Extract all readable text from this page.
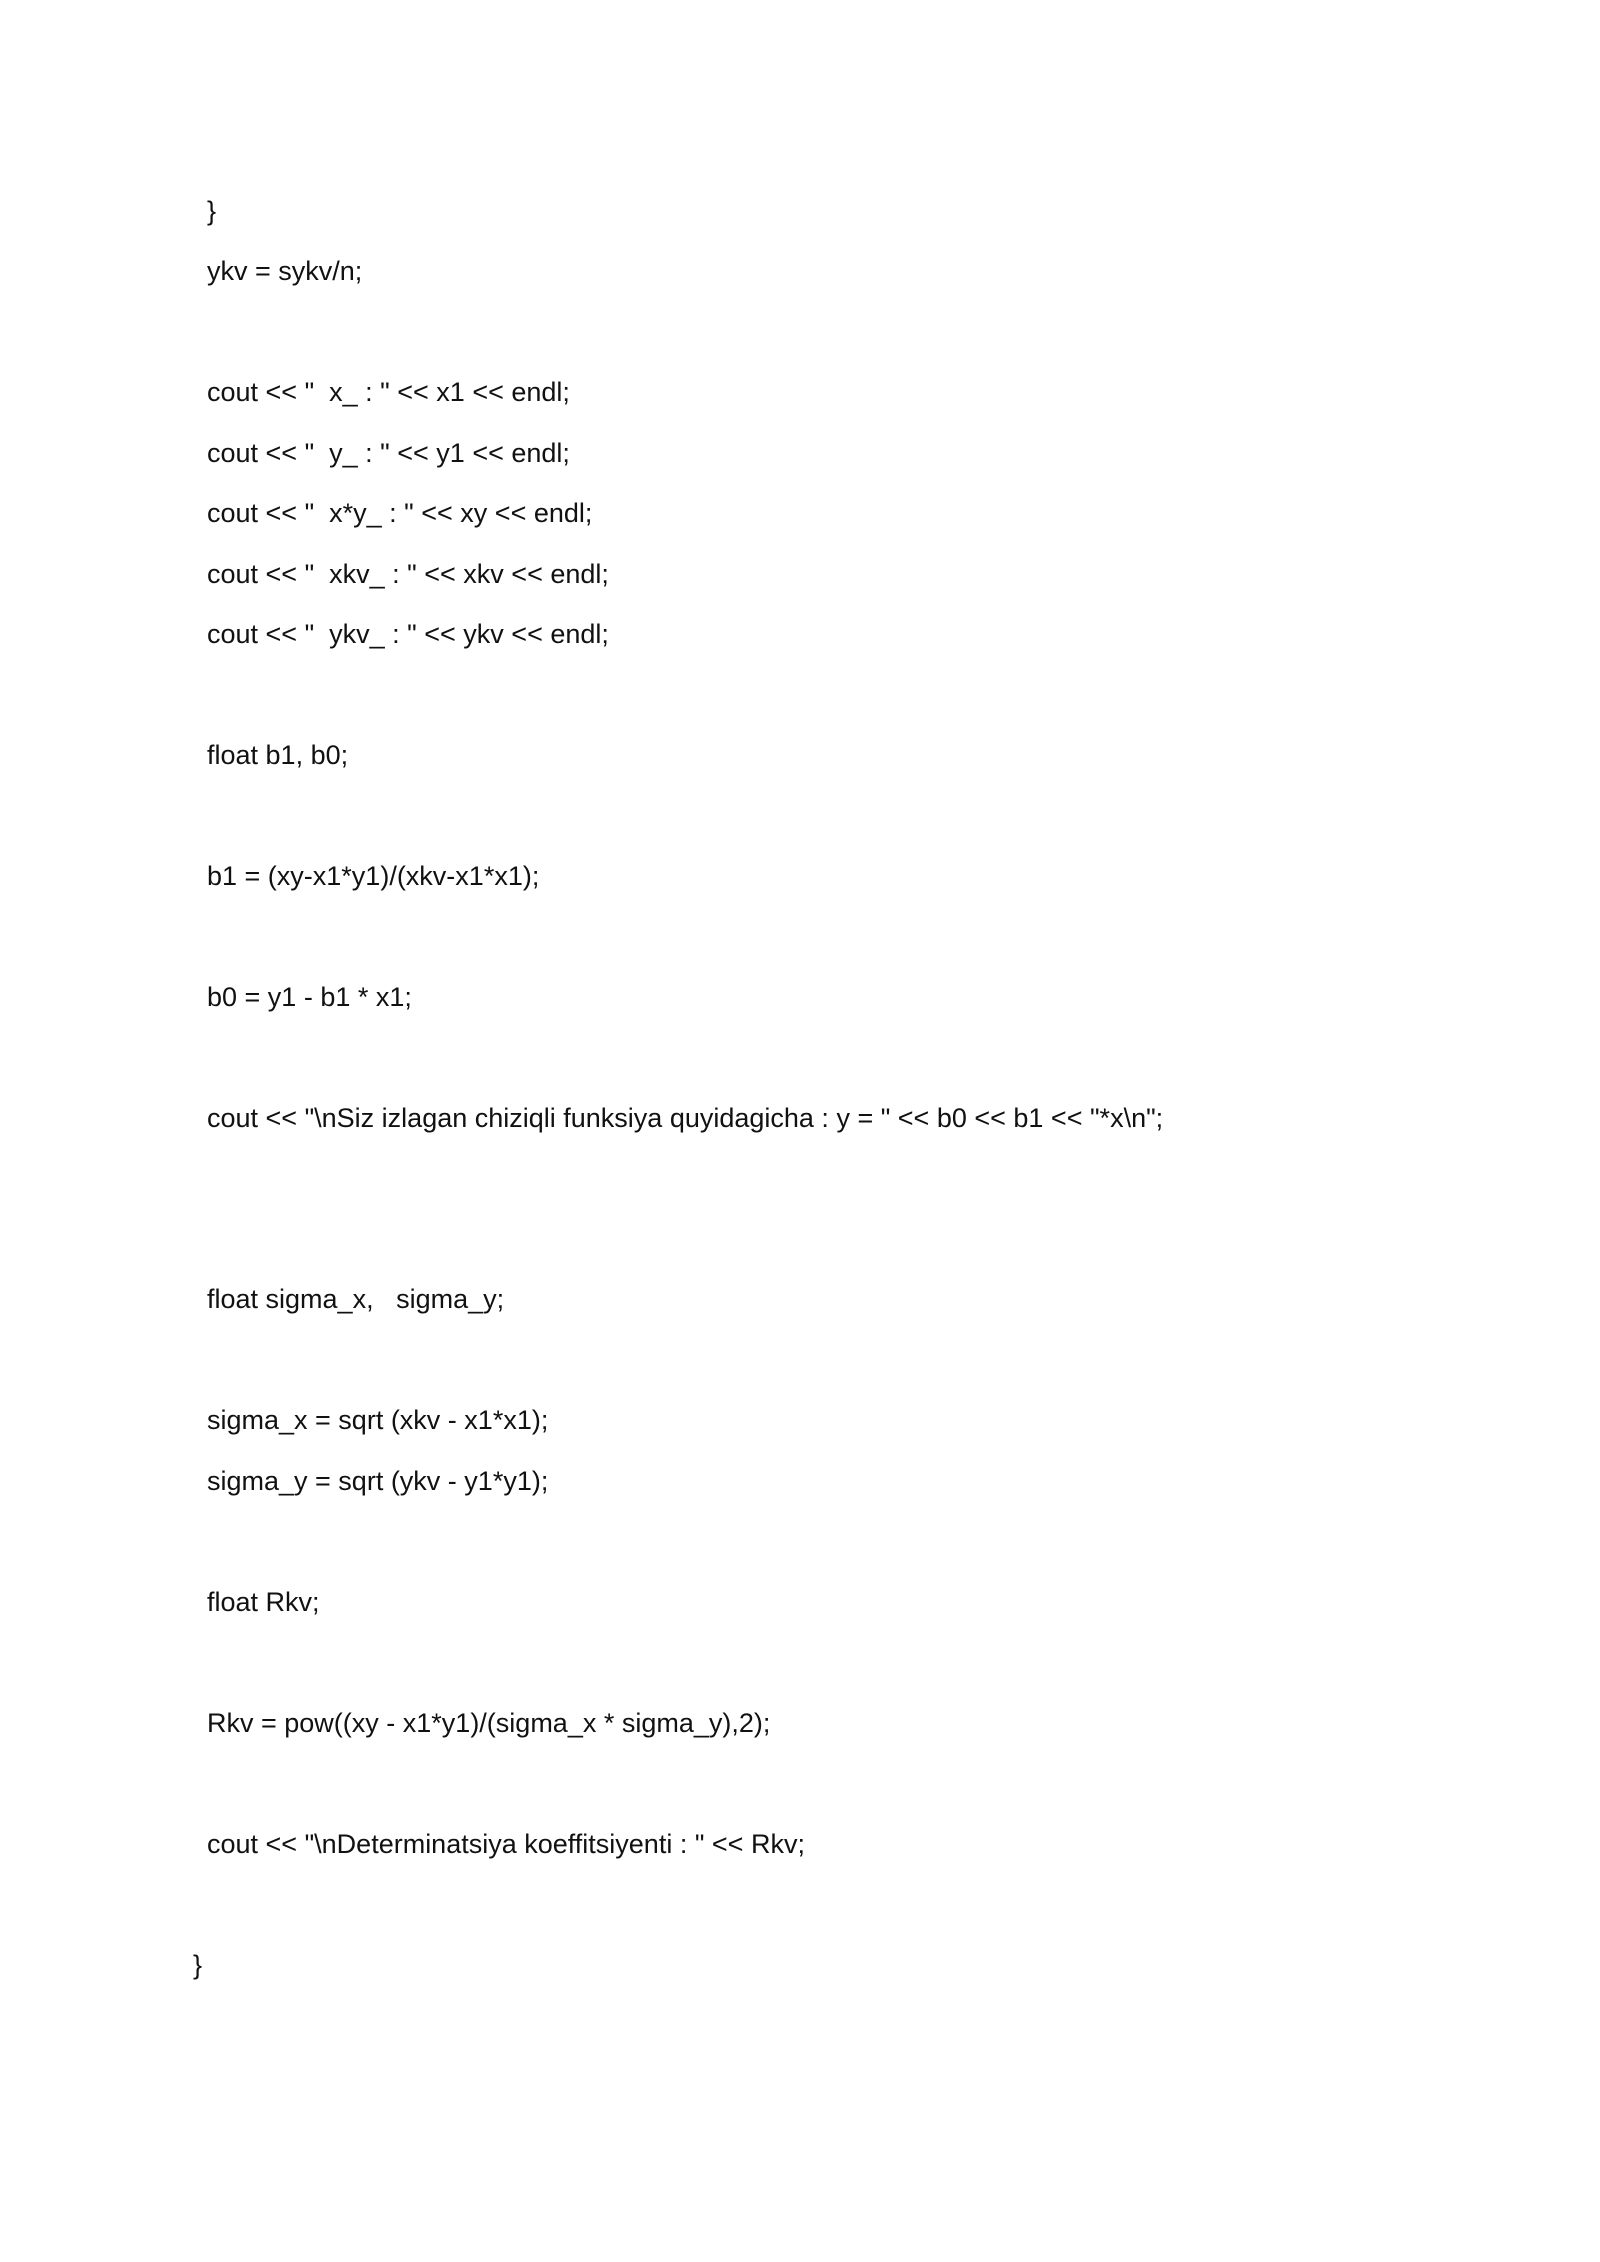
}
ykv = sykv/n;
cout << "  x_ : " << x1 << endl;
cout << "  y_ : " << y1 << endl;
cout << "  x*y_ : " << xy << endl;
cout << "  xkv_ : " << xkv << endl;
cout << "  ykv_ : " << ykv << endl;
float b1, b0;
b1 = (xy-x1*y1)/(xkv-x1*x1);
b0 = y1 - b1 * x1;
cout << "\nSiz izlagan chiziqli funksiya quyidagicha : y = " << b0 << b1 << "*x\n";
float sigma_x,   sigma_y;
sigma_x = sqrt (xkv - x1*x1);
sigma_y = sqrt (ykv - y1*y1);
float Rkv;
Rkv = pow((xy - x1*y1)/(sigma_x * sigma_y),2);
cout << "\nDeterminatsiya koeffitsiyenti : " << Rkv;
}
